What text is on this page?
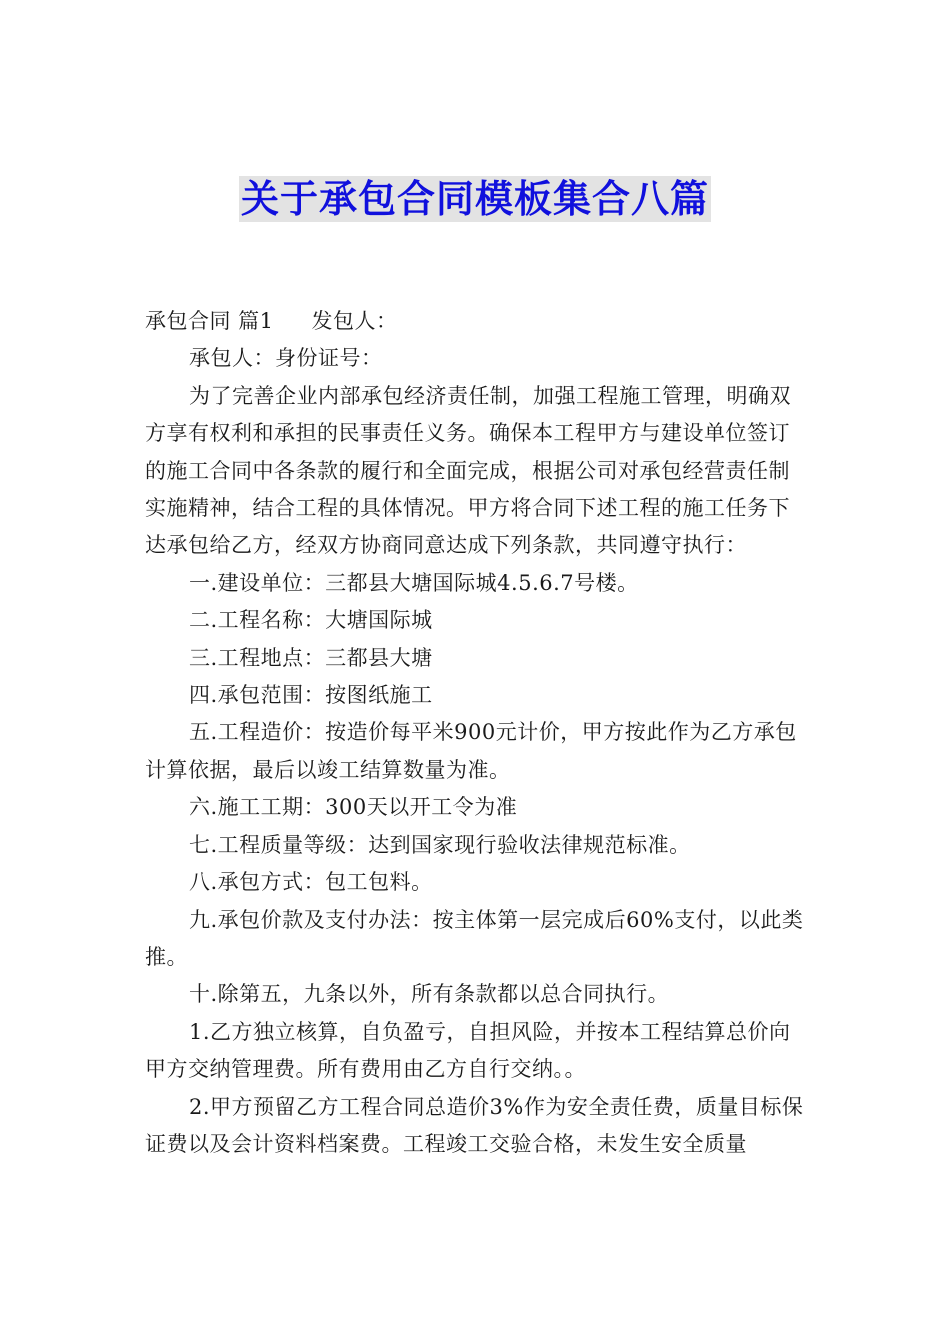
关于承包合同模板集合八篇

承包合同 篇1 发包人：

承包人：身份证号：

为了完善企业内部承包经济责任制，加强工程施工管理，明确双方享有权利和承担的民事责任义务。确保本工程甲方与建设单位签订的施工合同中各条款的履行和全面完成，根据公司对承包经营责任制实施精神，结合工程的具体情况。甲方将合同下述工程的施工任务下达承包给乙方，经双方协商同意达成下列条款，共同遵守执行：

一.建设单位：三都县大塘国际城4.5.6.7号楼。

二.工程名称：大塘国际城

三.工程地点：三都县大塘

四.承包范围：按图纸施工

五.工程造价：按造价每平米900元计价，甲方按此作为乙方承包计算依据，最后以竣工结算数量为准。

六.施工工期：300天以开工令为准

七.工程质量等级：达到国家现行验收法律规范标准。

八.承包方式：包工包料。

九.承包价款及支付办法：按主体第一层完成后60%支付，以此类推。

十.除第五，九条以外，所有条款都以总合同执行。

1.乙方独立核算，自负盈亏，自担风险，并按本工程结算总价向甲方交纳管理费。所有费用由乙方自行交纳。。

2.甲方预留乙方工程合同总造价3%作为安全责任费，质量目标保证费以及会计资料档案费。工程竣工交验合格，未发生安全质量
